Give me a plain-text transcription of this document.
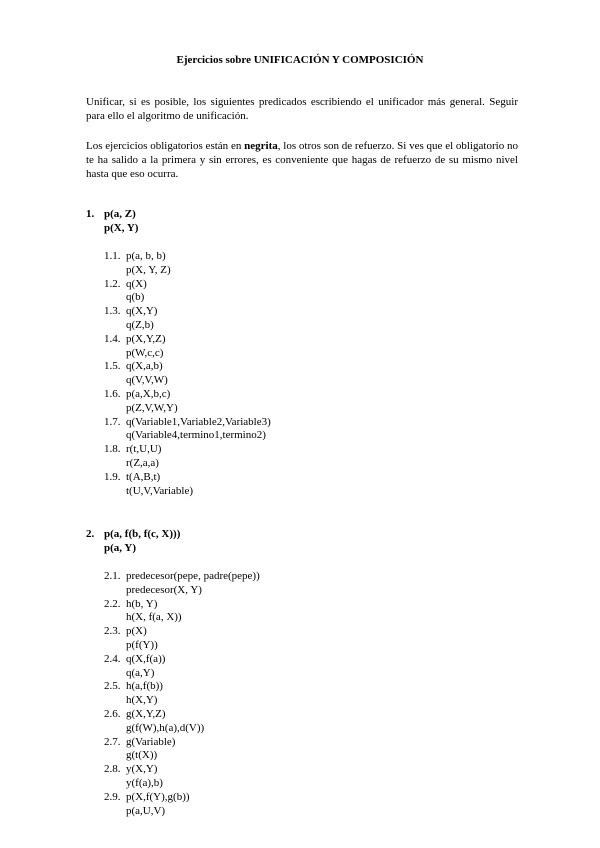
Ejercicios sobre UNIFICACIÓN Y COMPOSICIÓN
Unificar, si es posible, los siguientes predicados escribiendo el unificador más general. Seguir para ello el algoritmo de unificación.
Los ejercicios obligatorios están en negrita, los otros son de refuerzo. Si ves que el obligatorio no te ha salido a la primera y sin errores, es conveniente que hagas de refuerzo de su mismo nivel hasta que eso ocurra.
1. p(a, Z)
p(X, Y)
1.1. p(a, b, b)
p(X, Y, Z)
1.2. q(X)
q(b)
1.3. q(X,Y)
q(Z,b)
1.4. p(X,Y,Z)
p(W,c,c)
1.5. q(X,a,b)
q(V,V,W)
1.6. p(a,X,b,c)
p(Z,V,W,Y)
1.7. q(Variable1,Variable2,Variable3)
q(Variable4,termino1,termino2)
1.8. r(t,U,U)
r(Z,a,a)
1.9. t(A,B,t)
t(U,V,Variable)
2. p(a, f(b, f(c, X)))
p(a, Y)
2.1. predecesor(pepe, padre(pepe))
predecesor(X, Y)
2.2. h(b, Y)
h(X, f(a, X))
2.3. p(X)
p(f(Y))
2.4. q(X,f(a))
q(a,Y)
2.5. h(a,f(b))
h(X,Y)
2.6. g(X,Y,Z)
g(f(W),h(a),d(V))
2.7. g(Variable)
g(t(X))
2.8. y(X,Y)
y(f(a),b)
2.9. p(X,f(Y),g(b))
p(a,U,V)
